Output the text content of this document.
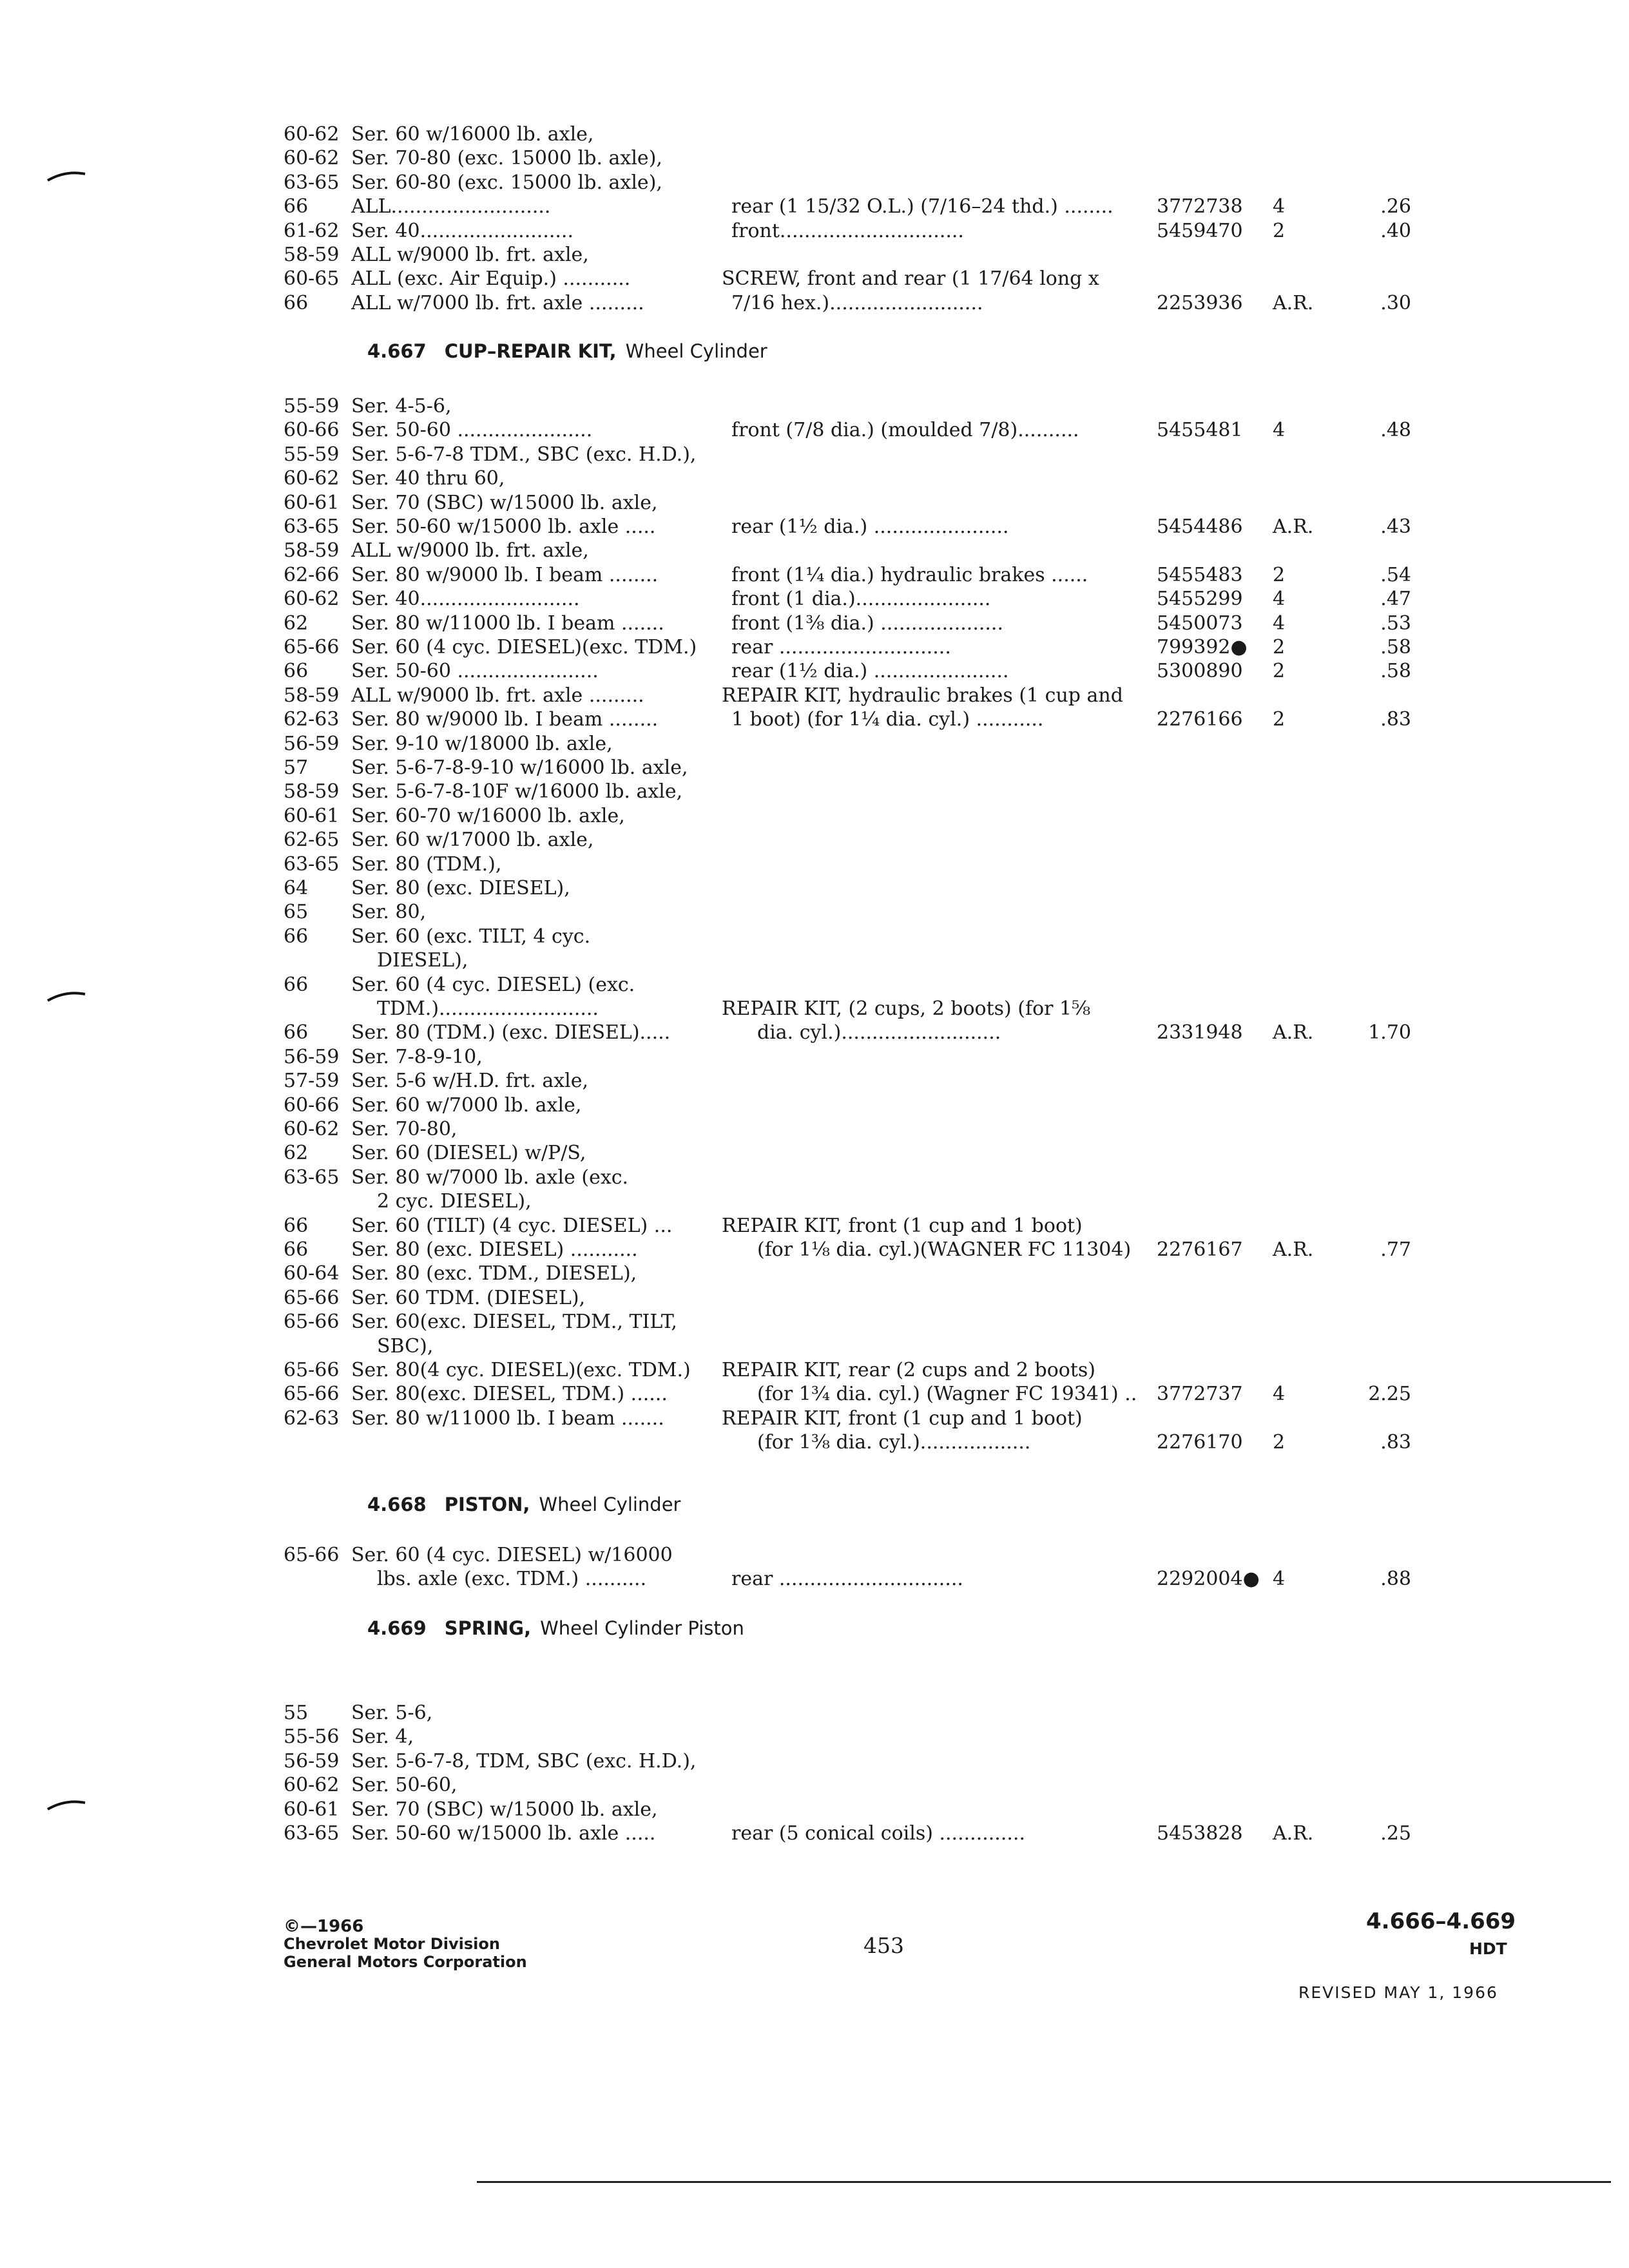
60-62 Ser. 60 w/16000 lb. axle,
60-62 Ser. 70-80 (exc. 15000 lb. axle),
63-65 Ser. 60-80 (exc. 15000 lb. axle),
66 ALL..........................	rear (1 15/32 O.L.) (7/16–24 thd.) ........ 3772738 4	.26
61-62 Ser. 40.........................	front..............................	5459470 2	.40
58-59 ALL w/9000 lb. frt. axle,
60-65 ALL (exc. Air Equip.) ...........	SCREW, front and rear (1 17/64 long x
66 ALL w/7000 lb. frt. axle .........	7/16 hex.).........................	2253936 A.R.	.30
4.667 CUP–REPAIR KIT, Wheel Cylinder
55-59 Ser. 4-5-6,
60-66 Ser. 50-60 ......................	front (7/8 dia.) (moulded 7/8)..........	5455481 4	.48
55-59 Ser. 5-6-7-8 TDM., SBC (exc. H.D.),
60-62 Ser. 40 thru 60,
60-61 Ser. 70 (SBC) w/15000 lb. axle,
63-65 Ser. 50-60 w/15000 lb. axle .....	rear (1½ dia.) ......................	5454486 A.R.	.43
58-59 ALL w/9000 lb. frt. axle,
62-66 Ser. 80 w/9000 lb. I beam ........	front (1¼ dia.) hydraulic brakes ......	5455483 2	.54
60-62 Ser. 40..........................	front (1 dia.)......................	5455299 4	.47
62 Ser. 80 w/11000 lb. I beam .......	front (1⅜ dia.) ....................	5450073 4	.53
65-66 Ser. 60 (4 cyc. DIESEL)(exc. TDM.) rear ............................	799392● 2	.58
66 Ser. 50-60 .......................	rear (1½ dia.) ......................	5300890 2	.58
58-59 ALL w/9000 lb. frt. axle .........	REPAIR KIT, hydraulic brakes (1 cup and
62-63 Ser. 80 w/9000 lb. I beam ........	1 boot) (for 1¼ dia. cyl.) ...........	2276166 2	.83
56-59 Ser. 9-10 w/18000 lb. axle,
57 Ser. 5-6-7-8-9-10 w/16000 lb. axle,
58-59 Ser. 5-6-7-8-10F w/16000 lb. axle,
60-61 Ser. 60-70 w/16000 lb. axle,
62-65 Ser. 60 w/17000 lb. axle,
63-65 Ser. 80 (TDM.),
64 Ser. 80 (exc. DIESEL),
65 Ser. 80,
66 Ser. 60 (exc. TILT, 4 cyc.
DIESEL),
66 Ser. 60 (4 cyc. DIESEL) (exc.
TDM.)..........................	REPAIR KIT, (2 cups, 2 boots) (for 1⅝
66 Ser. 80 (TDM.) (exc. DIESEL).....	dia. cyl.)..........................	2331948 A.R.	1.70
56-59 Ser. 7-8-9-10,
57-59 Ser. 5-6 w/H.D. frt. axle,
60-66 Ser. 60 w/7000 lb. axle,
60-62 Ser. 70-80,
62 Ser. 60 (DIESEL) w/P/S,
63-65 Ser. 80 w/7000 lb. axle (exc.
2 cyc. DIESEL),
66 Ser. 60 (TILT) (4 cyc. DIESEL) ...	REPAIR KIT, front (1 cup and 1 boot)
66 Ser. 80 (exc. DIESEL) ...........	(for 1⅛ dia. cyl.)(WAGNER FC 11304) 2276167 A.R.	.77
60-64 Ser. 80 (exc. TDM., DIESEL),
65-66 Ser. 60 TDM. (DIESEL),
65-66 Ser. 60(exc. DIESEL, TDM., TILT,
SBC),
65-66 Ser. 80(4 cyc. DIESEL)(exc. TDM.) REPAIR KIT, rear (2 cups and 2 boots)
65-66 Ser. 80(exc. DIESEL, TDM.) ......	(for 1¾ dia. cyl.) (Wagner FC 19341) .. 3772737 4	2.25
62-63 Ser. 80 w/11000 lb. I beam .......	REPAIR KIT, front (1 cup and 1 boot)
(for 1⅜ dia. cyl.)..................	2276170 2	.83
4.668 PISTON, Wheel Cylinder
65-66 Ser. 60 (4 cyc. DIESEL) w/16000
lbs. axle (exc. TDM.) ..........	rear ..............................	2292004● 4	.88
4.669 SPRING, Wheel Cylinder Piston
55 Ser. 5-6,
55-56 Ser. 4,
56-59 Ser. 5-6-7-8, TDM, SBC (exc. H.D.),
60-62 Ser. 50-60,
60-61 Ser. 70 (SBC) w/15000 lb. axle,
63-65 Ser. 50-60 w/15000 lb. axle .....	rear (5 conical coils) ..............	5453828 A.R.	.25
©—1966
Chevrolet Motor Division
General Motors Corporation
453
4.666–4.669
HDT
REVISED MAY 1, 1966
